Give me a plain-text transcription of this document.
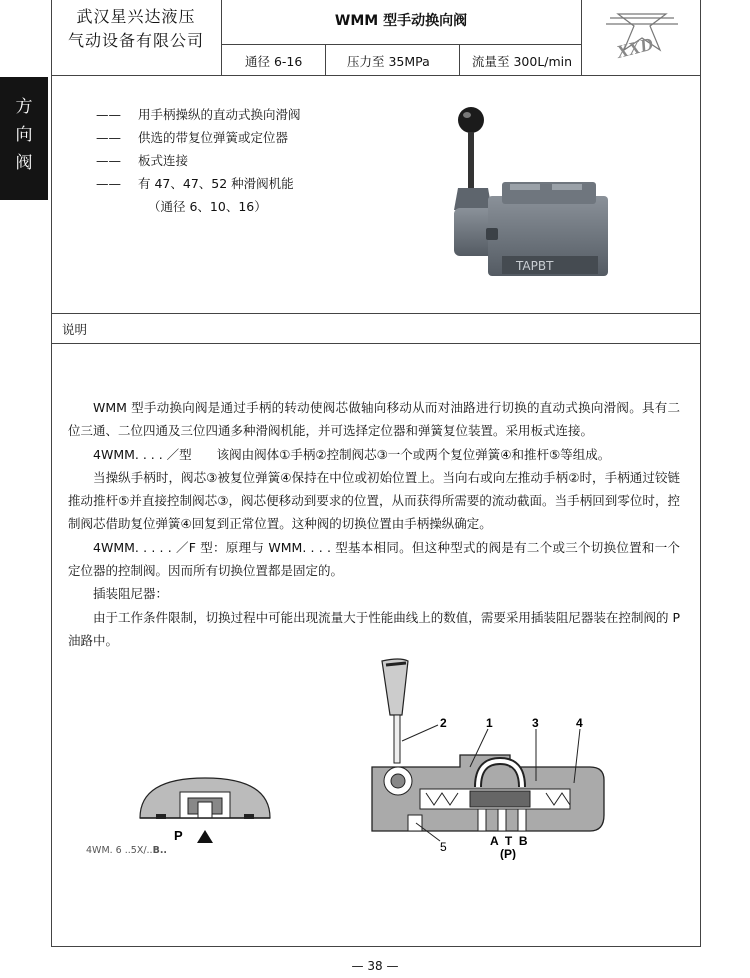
武汉星兴达液压
气动设备有限公司
WMM 型手动换向阀
通径 6-16	压力至 35MPa	流量至 300L/min XXD
方
向
阀
——	用手柄操纵的直动式换向滑阀
——	供选的带复位弹簧或定位器
——	板式连接
——	有 47、47、52 种滑阀机能
（通径 6、10、16）
TAPBT
说明

WMM 型手动换向阀是通过手柄的转动使阀芯做轴向移动从而对油路进行切换的直动式换向滑阀。具有二位三通、二位四通及三位四通多种滑阀机能，并可选择定位器和弹簧复位装置。采用板式连接。

4WMM. . . . ／型　　该阀由阀体①手柄②控制阀芯③一个或两个复位弹簧④和推杆⑤等组成。

当操纵手柄时，阀芯③被复位弹簧④保持在中位或初始位置上。当向右或向左推动手柄②时，手柄通过铰链推动推杆⑤并直接控制阀芯③，阀芯便移动到要求的位置，从而获得所需要的流动截面。当手柄回到零位时，控制阀芯借助复位弹簧④回复到正常位置。这种阀的切换位置由手柄操纵确定。

4WMM. . . . . ／F 型：原理与 WMM. . . . 型基本相同。但这种型式的阀是有二个或三个切换位置和一个定位器的控制阀。因而所有切换位置都是固定的。

插装阻尼器：

由于工作条件限制，切换过程中可能出现流量大于性能曲线上的数值，需要采用插装阻尼器装在控制阀的 P 油路中。

P
4WM. 6 ..5X/..B..
2	1	3	4
5	A  T  B
(P)
— 38 —
